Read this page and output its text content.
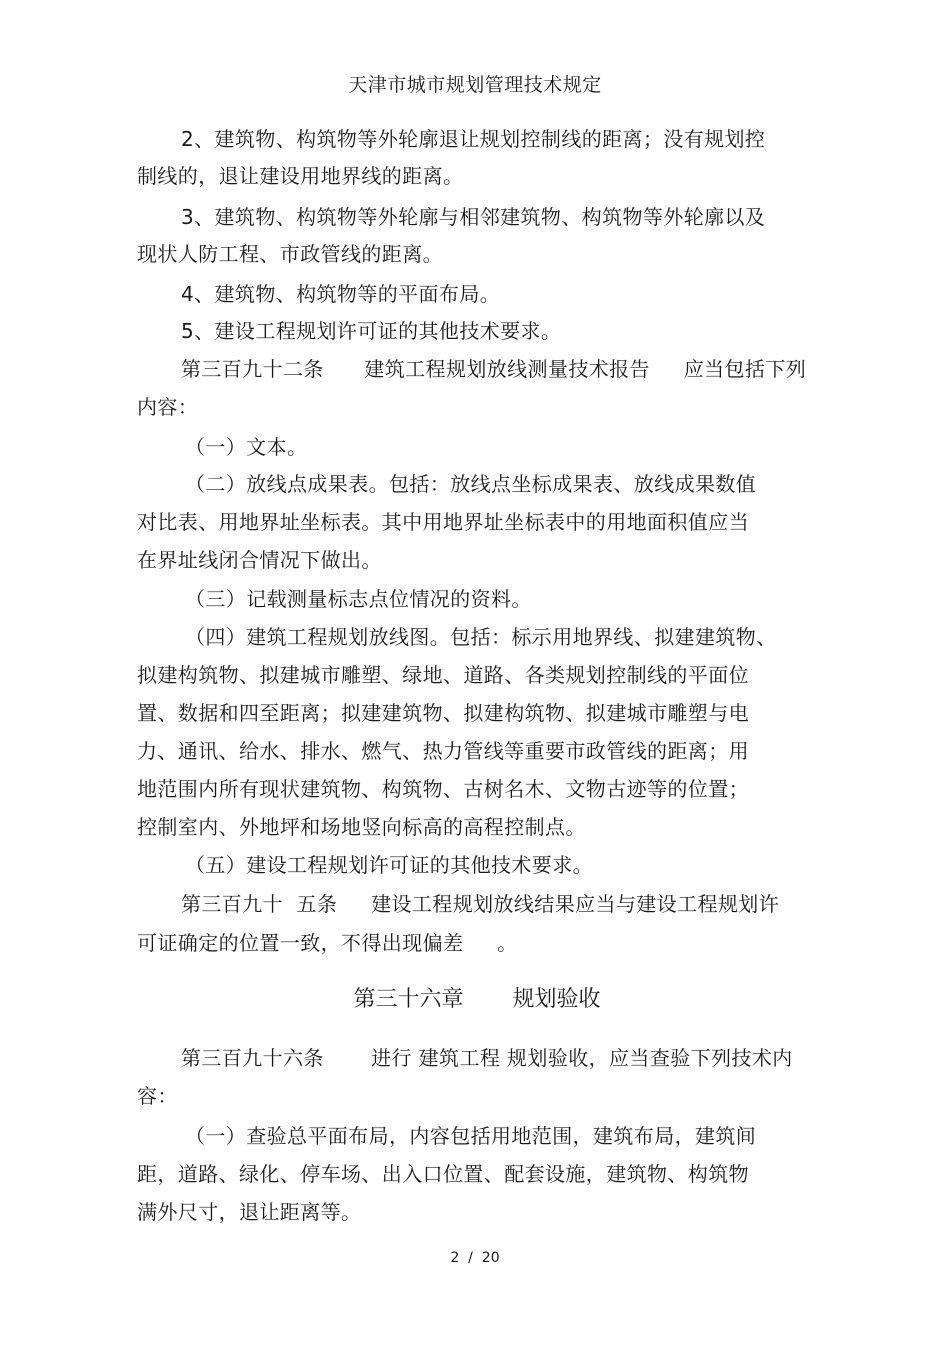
天津市城市规划管理技术规定
2、建筑物、构筑物等外轮廓退让规划控制线的距离；没有规划控
制线的，退让建设用地界线的距离。
3、建筑物、构筑物等外轮廓与相邻建筑物、构筑物等外轮廓以及
现状人防工程、市政管线的距离。
4、建筑物、构筑物等的平面布局。
5、建设工程规划许可证的其他技术要求。
第三百九十二条      建筑工程规划放线测量技术报告     应当包括下列
内容：
（一）文本。
（二）放线点成果表。包括：放线点坐标成果表、放线成果数值
对比表、用地界址坐标表。其中用地界址坐标表中的用地面积值应当
在界址线闭合情况下做出。
（三）记载测量标志点位情况的资料。
（四）建筑工程规划放线图。包括：标示用地界线、拟建建筑物、
拟建构筑物、拟建城市雕塑、绿地、道路、各类规划控制线的平面位
置、数据和四至距离；拟建建筑物、拟建构筑物、拟建城市雕塑与电
力、通讯、给水、排水、燃气、热力管线等重要市政管线的距离；用
地范围内所有现状建筑物、构筑物、古树名木、文物古迹等的位置；
控制室内、外地坪和场地竖向标高的高程控制点。
（五）建设工程规划许可证的其他技术要求。
第三百九十  五条     建设工程规划放线结果应当与建设工程规划许
可证确定的位置一致，不得出现偏差     。
第三十六章       规划验收
第三百九十六条       进行 建筑工程 规划验收，应当查验下列技术内
容：
（一）查验总平面布局，内容包括用地范围，建筑布局，建筑间
距，道路、绿化、停车场、出入口位置、配套设施，建筑物、构筑物
满外尺寸，退让距离等。
2  /  20
